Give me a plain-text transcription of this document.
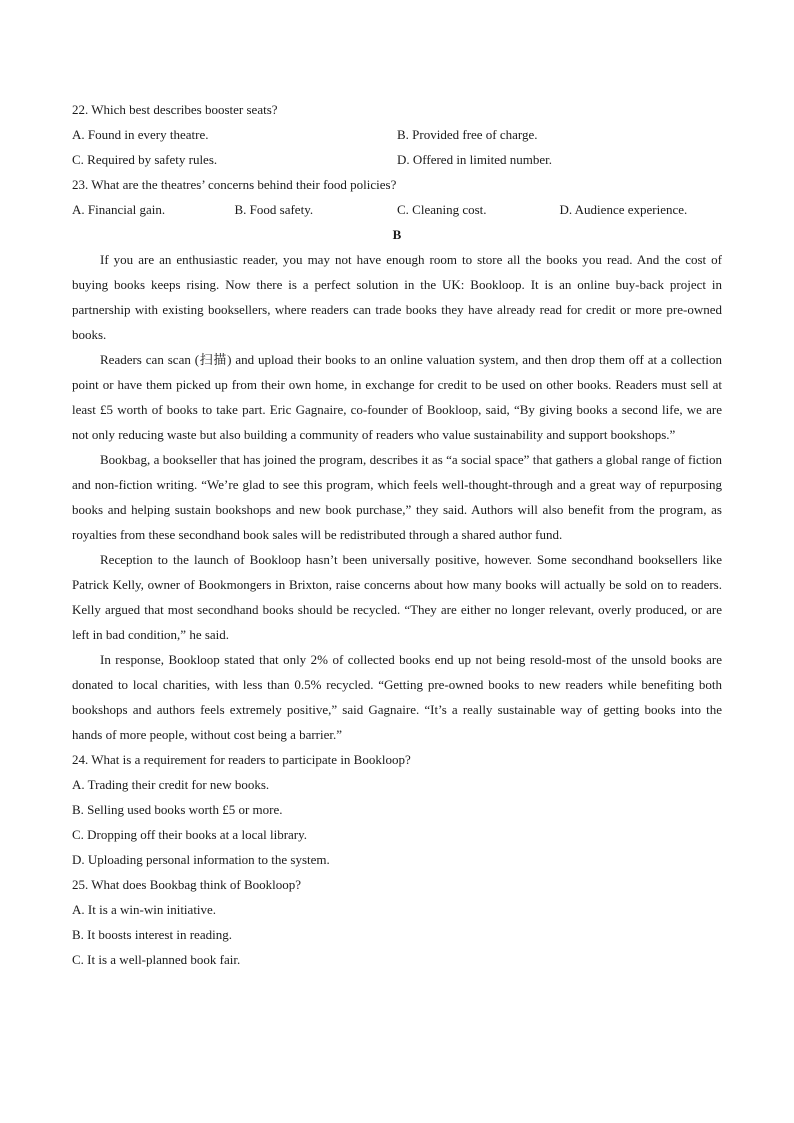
22. Which best describes booster seats?
A. Found in every theatre.	B. Provided free of charge.
C. Required by safety rules.	D. Offered in limited number.
23. What are the theatres’ concerns behind their food policies?
A. Financial gain.	B. Food safety.	C. Cleaning cost.	D. Audience experience.
B

If you are an enthusiastic reader, you may not have enough room to store all the books you read. And the cost of buying books keeps rising. Now there is a perfect solution in the UK: Bookloop. It is an online buy-back project in partnership with existing booksellers, where readers can trade books they have already read for credit or more pre-owned books.

Readers can scan (扫描) and upload their books to an online valuation system, and then drop them off at a collection point or have them picked up from their own home, in exchange for credit to be used on other books. Readers must sell at least £5 worth of books to take part. Eric Gagnaire, co-founder of Bookloop, said, “By giving books a second life, we are not only reducing waste but also building a community of readers who value sustainability and support bookshops.”

Bookbag, a bookseller that has joined the program, describes it as “a social space” that gathers a global range of fiction and non-fiction writing. “We’re glad to see this program, which feels well-thought-through and a great way of repurposing books and helping sustain bookshops and new book purchase,” they said. Authors will also benefit from the program, as royalties from these secondhand book sales will be redistributed through a shared author fund.

Reception to the launch of Bookloop hasn’t been universally positive, however. Some secondhand booksellers like Patrick Kelly, owner of Bookmongers in Brixton, raise concerns about how many books will actually be sold on to readers. Kelly argued that most secondhand books should be recycled. “They are either no longer relevant, overly produced, or are left in bad condition,” he said.

In response, Bookloop stated that only 2% of collected books end up not being resold-most of the unsold books are donated to local charities, with less than 0.5% recycled. “Getting pre-owned books to new readers while benefiting both bookshops and authors feels extremely positive,” said Gagnaire. “It’s a really sustainable way of getting books into the hands of more people, without cost being a barrier.”

24. What is a requirement for readers to participate in Bookloop?
A. Trading their credit for new books.
B. Selling used books worth £5 or more.
C. Dropping off their books at a local library.
D. Uploading personal information to the system.
25. What does Bookbag think of Bookloop?
A. It is a win-win initiative.
B. It boosts interest in reading.
C. It is a well-planned book fair.
